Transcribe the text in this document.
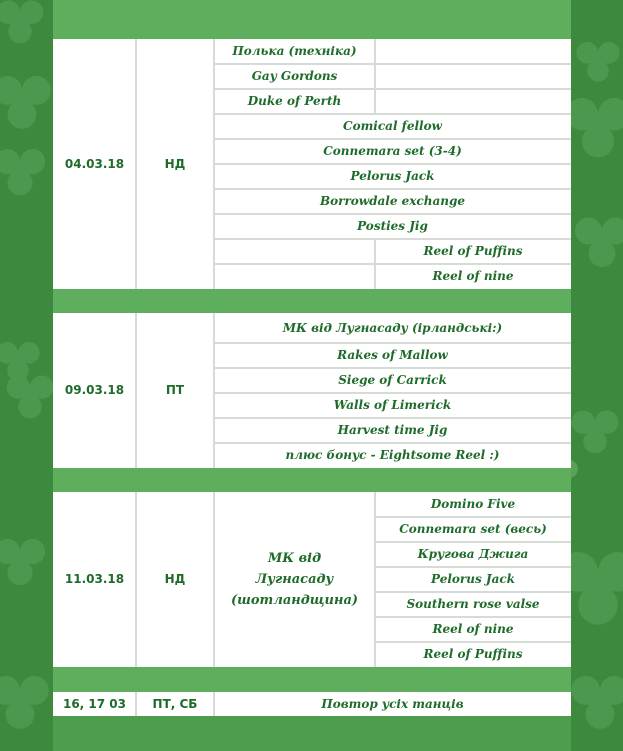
04.03.18	НД
Полька (техніка)
Gay Gordons
Duke of Perth
Comical fellow
Connemara set (3-4)
Pelorus Jack
Borrowdale exchange
Posties Jig
Reel of Puffins
Reel of nine
09.03.18	ПТ
МК від Лугнасаду (ірландські:)
Rakes of Mallow
Siege of Carrick
Walls of Limerick
Harvest time Jig
плюс бонус - Eightsome Reel :)
11.03.18	НД
МК від Лугнасаду (шотландщина)
Domino Five
Connemara set (весь)
Кругова Джига
Pelorus Jack
Southern rose valse
Reel of nine
Reel of Puffins
16, 17 03	ПТ, СБ	Повтор усіх танців
